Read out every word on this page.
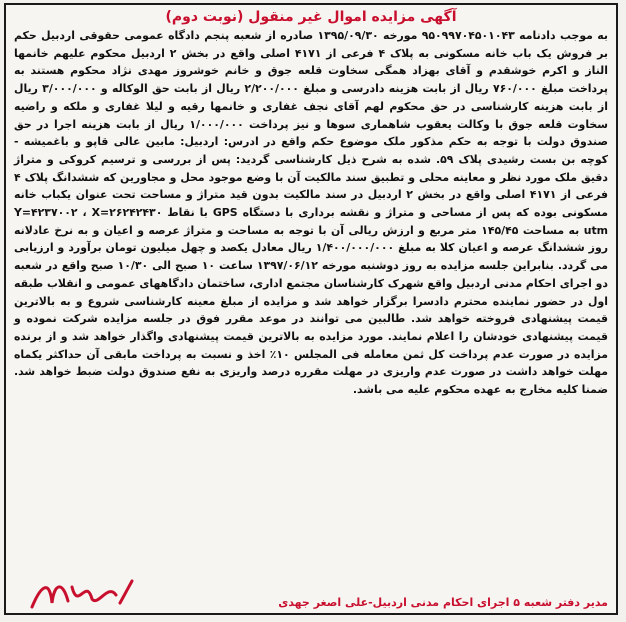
آگهی مزایده اموال غیر منقول (نوبت دوم)

به موجب دادنامه ۹۵۰۹۹۷۰۴۵۰۱۰۴۳ مورخه ۱۳۹۵/۰۹/۳۰ صادره از شعبه پنجم دادگاه عمومی حقوقی اردبیل حکم بر فروش یک باب خانه مسکونی به پلاک ۴ فرعی از ۴۱۷۱ اصلی واقع در بخش ۲ اردبیل محکوم علیهم خانمها الناز و اکرم خوشقدم و آقای بهزاد همگی سخاوت قلعه جوق و خانم خوشروز مهدی نژاد محکوم هستند به پرداخت مبلغ ۷۶۰/۰۰۰ ریال از بابت هزینه دادرسی و مبلغ ۲/۲۰۰/۰۰۰ ریال از بابت حق الوکاله و ۳/۰۰۰/۰۰۰ ریال از بابت هزینه کارشناسی در حق محکوم لهم آقای نجف غفاری و خانمها رقیه و لیلا غفاری و ملکه و راضیه سخاوت قلعه جوق با وکالت یعقوب شاهماری سوها و نیز پرداخت ۱/۰۰۰/۰۰۰ ریال از بابت هزینه اجرا در حق صندوق دولت با توجه به حکم مذکور ملک موضوع حکم واقع در ادرس: اردبیل: مابین عالی قاپو و باغمیشه - کوچه بن بست رشیدی پلاک ۵۹. شده به شرح ذیل کارشناسی گردید: پس از بررسی و ترسیم کروکی و متراژ دقیق ملک مورد نظر و معاینه محلی و تطبیق سند مالکیت آن با وضع موجود محل و مجاورین که ششدانگ پلاک ۴ فرعی از ۴۱۷۱ اصلی واقع در بخش ۲ اردبیل در سند مالکیت بدون قید متراژ و مساحت تحت عنوان یکباب خانه مسکونی بوده که پس از مساحی و متراژ و نقشه برداری با دستگاه GPS با نقاط Y=۴۲۳۷۰۰۲ ، X=۲۶۲۴۲۴۳۰ utm به مساحت ۱۴۵/۴۵ متر مربع و ارزش ریالی آن با توجه به مساحت و متراژ عرصه و اعیان و به نرخ عادلانه روز ششدانگ عرصه و اعیان کلا به مبلغ ۱/۴۰۰/۰۰۰/۰۰۰ ریال معادل یکصد و چهل میلیون تومان برآورد و ارزیابی می گردد. بنابراین جلسه مزایده به روز دوشنبه مورخه ۱۳۹۷/۰۶/۱۲ ساعت ۱۰ صبح الی ۱۰/۳۰ صبح واقع در شعبه دو اجرای احکام مدنی اردبیل واقع شهرک کارشناسان مجتمع اداری، ساختمان دادگاههای عمومی و انقلاب طبقه اول در حضور نماینده محترم دادسرا برگزار خواهد شد و مزایده از مبلغ معینه کارشناسی شروع و به بالاترین قیمت پیشنهادی فروخته خواهد شد. طالبین می توانند در موعد مقرر فوق در جلسه مزایده شرکت نموده و قیمت پیشنهادی خودشان را اعلام نمایند. مورد مزایده به بالاترین قیمت پیشنهادی واگذار خواهد شد و از برنده مزایده در صورت عدم پرداخت کل ثمن معامله فی المجلس ۱۰٪ اخذ و نسبت به پرداخت مابقی آن حداکثر یکماه مهلت خواهد داشت در صورت عدم واریزی در مهلت مقرره درصد واریزی به نفع صندوق دولت ضبط خواهد شد. ضمنا کلیه مخارج به عهده محکوم علیه می باشد.

مدیر دفتر شعبه ۵ اجرای احکام مدنی اردبیل-علی اصغر جهدی
